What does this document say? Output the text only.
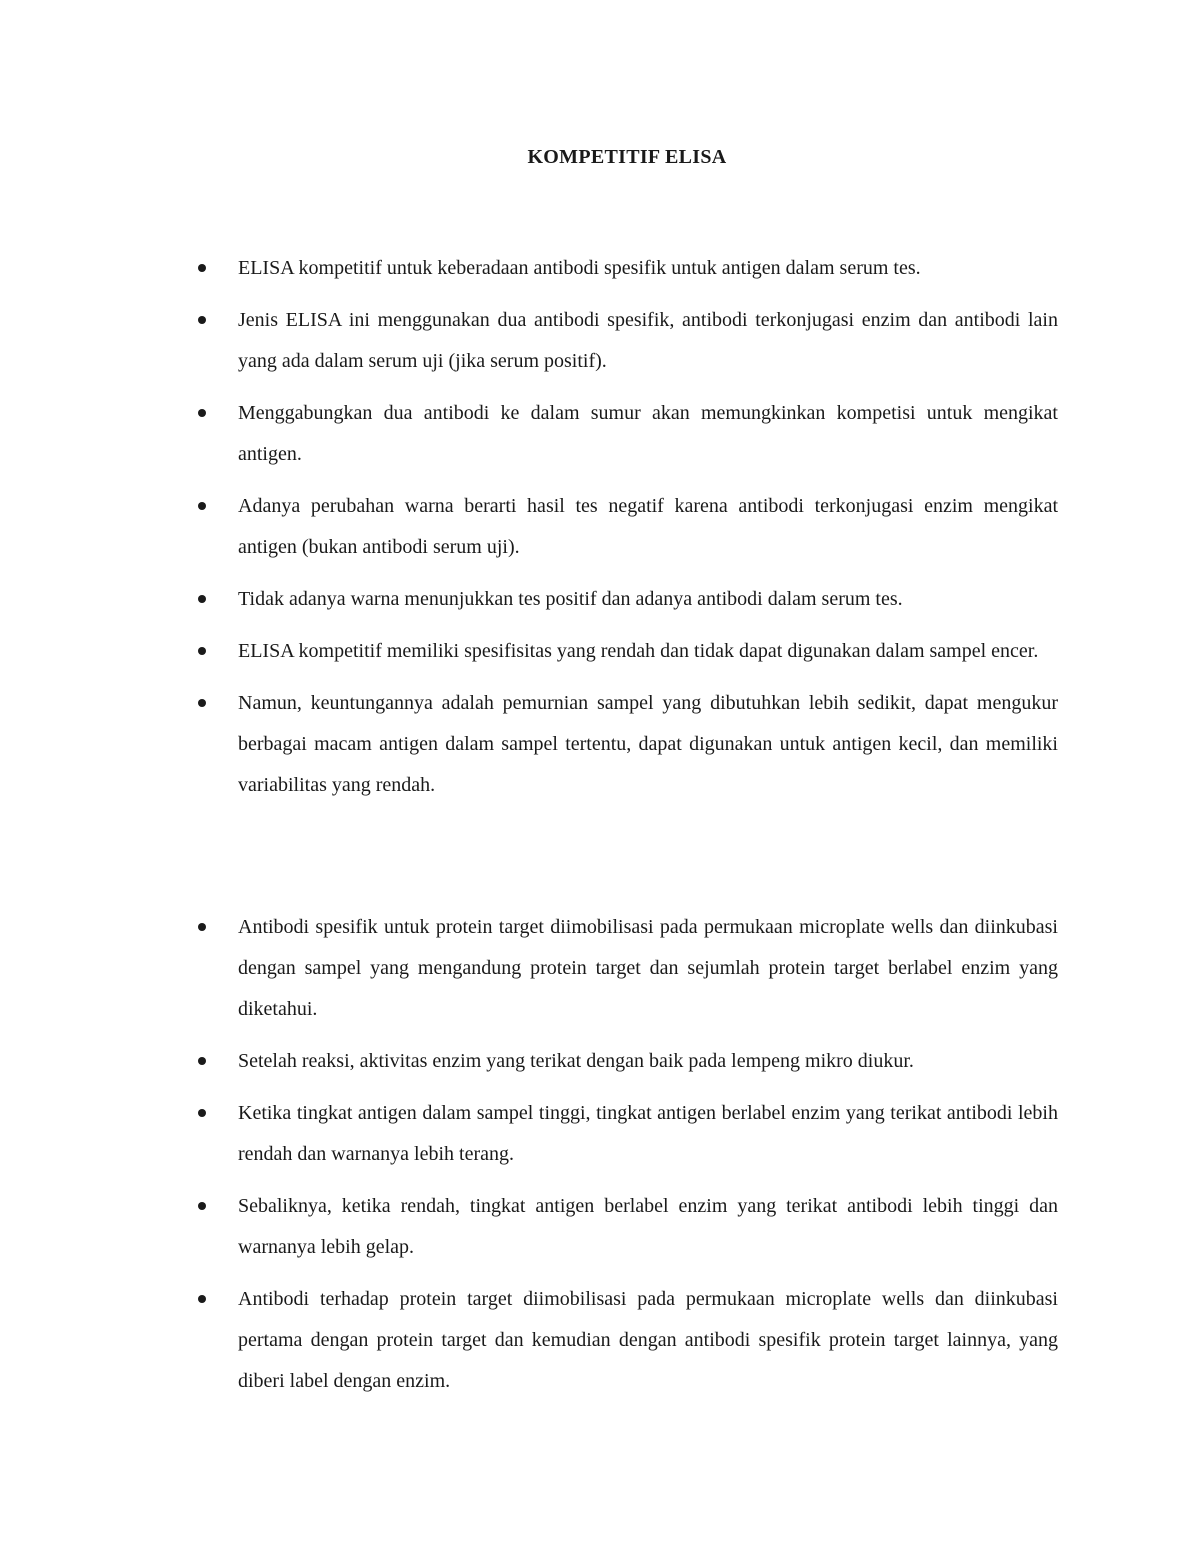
KOMPETITIF ELISA
ELISA kompetitif untuk keberadaan antibodi spesifik untuk antigen dalam serum tes.
Jenis ELISA ini menggunakan dua antibodi spesifik, antibodi terkonjugasi enzim dan antibodi lain yang ada dalam serum uji (jika serum positif).
Menggabungkan dua antibodi ke dalam sumur akan memungkinkan kompetisi untuk mengikat antigen.
Adanya perubahan warna berarti hasil tes negatif karena antibodi terkonjugasi enzim mengikat antigen (bukan antibodi serum uji).
Tidak adanya warna menunjukkan tes positif dan adanya antibodi dalam serum tes.
ELISA kompetitif memiliki spesifisitas yang rendah dan tidak dapat digunakan dalam sampel encer.
Namun, keuntungannya adalah pemurnian sampel yang dibutuhkan lebih sedikit, dapat mengukur berbagai macam antigen dalam sampel tertentu, dapat digunakan untuk antigen kecil, dan memiliki variabilitas yang rendah.
Antibodi spesifik untuk protein target diimobilisasi pada permukaan microplate wells dan diinkubasi dengan sampel yang mengandung protein target dan sejumlah protein target berlabel enzim yang diketahui.
Setelah reaksi, aktivitas enzim yang terikat dengan baik pada lempeng mikro diukur.
Ketika tingkat antigen dalam sampel tinggi, tingkat antigen berlabel enzim yang terikat antibodi lebih rendah dan warnanya lebih terang.
Sebaliknya, ketika rendah, tingkat antigen berlabel enzim yang terikat antibodi lebih tinggi dan warnanya lebih gelap.
Antibodi terhadap protein target diimobilisasi pada permukaan microplate wells dan diinkubasi pertama dengan protein target dan kemudian dengan antibodi spesifik protein target lainnya, yang diberi label dengan enzim.
